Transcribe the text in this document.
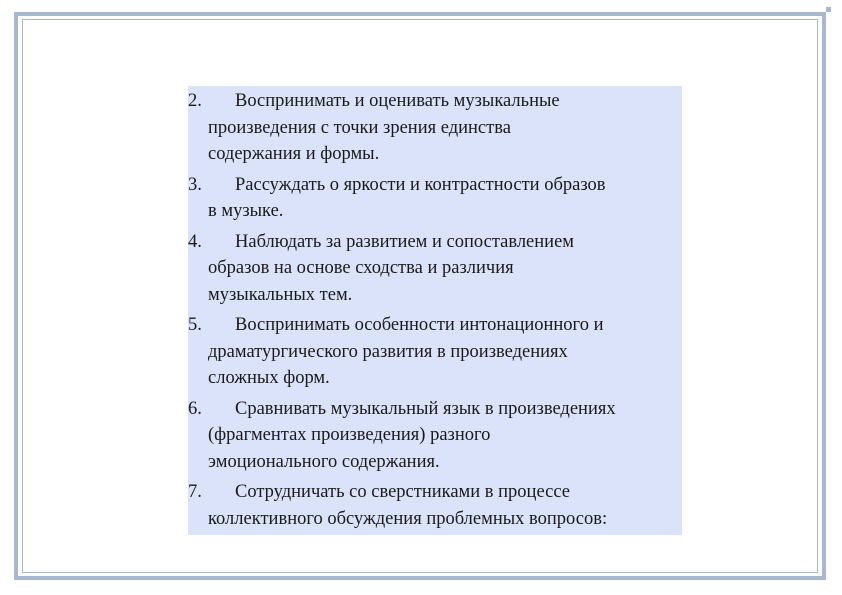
2.	Воспринимать и оценивать музыкальные
произведения с точки зрения единства
содержания и формы.
3.	Рассуждать о яркости и контрастности образов
в музыке.
4.	Наблюдать за развитием и сопоставлением
образов на основе сходства и различия
музыкальных тем.
5.	Воспринимать особенности интонационного и
драматургического развития в произведениях
сложных форм.
6.	Сравнивать музыкальный язык в произведениях
(фрагментах произведения) разного
эмоционального содержания.
7.	Сотрудничать со сверстниками в процессе
коллективного обсуждения проблемных вопросов:
